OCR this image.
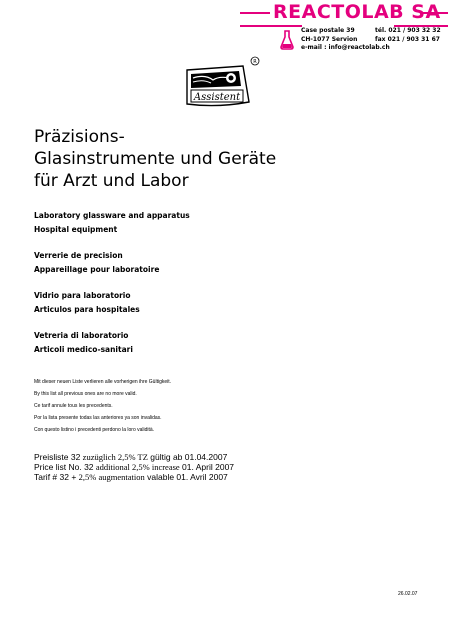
REACTOLAB SA
Case postale 39	tél. 021 / 903 32 32
CH-1077 Servion	fax 021 / 903 31 67
e-mail : info@reactolab.ch
Assistent
R
Präzisions-
Glasinstrumente und Geräte
für Arzt und Labor
Laboratory glassware and apparatus
Hospital equipment
Verrerie de precision
Appareillage pour laboratoire
Vidrio para laboratorio
Articulos para hospitales
Vetreria di laboratorio
Articoli medico-sanitari
Mit dieser neuen Liste verlieren alle vorherigen ihre Gültigkeit.
By this list all previous ones are no more valid.
Ce tarif annule tous les precedents.
Por la lista presente todas las anteriores ya son invalidas.
Con questo listino i precedenti perdono la loro validità.
Preisliste 32 zuzüglich 2,5% TZ gültig ab 01.04.2007
Price list No. 32 additional 2,5% increase 01. April 2007
Tarif # 32 + 2,5% augmentation valable 01. Avril 2007
26.02.07
